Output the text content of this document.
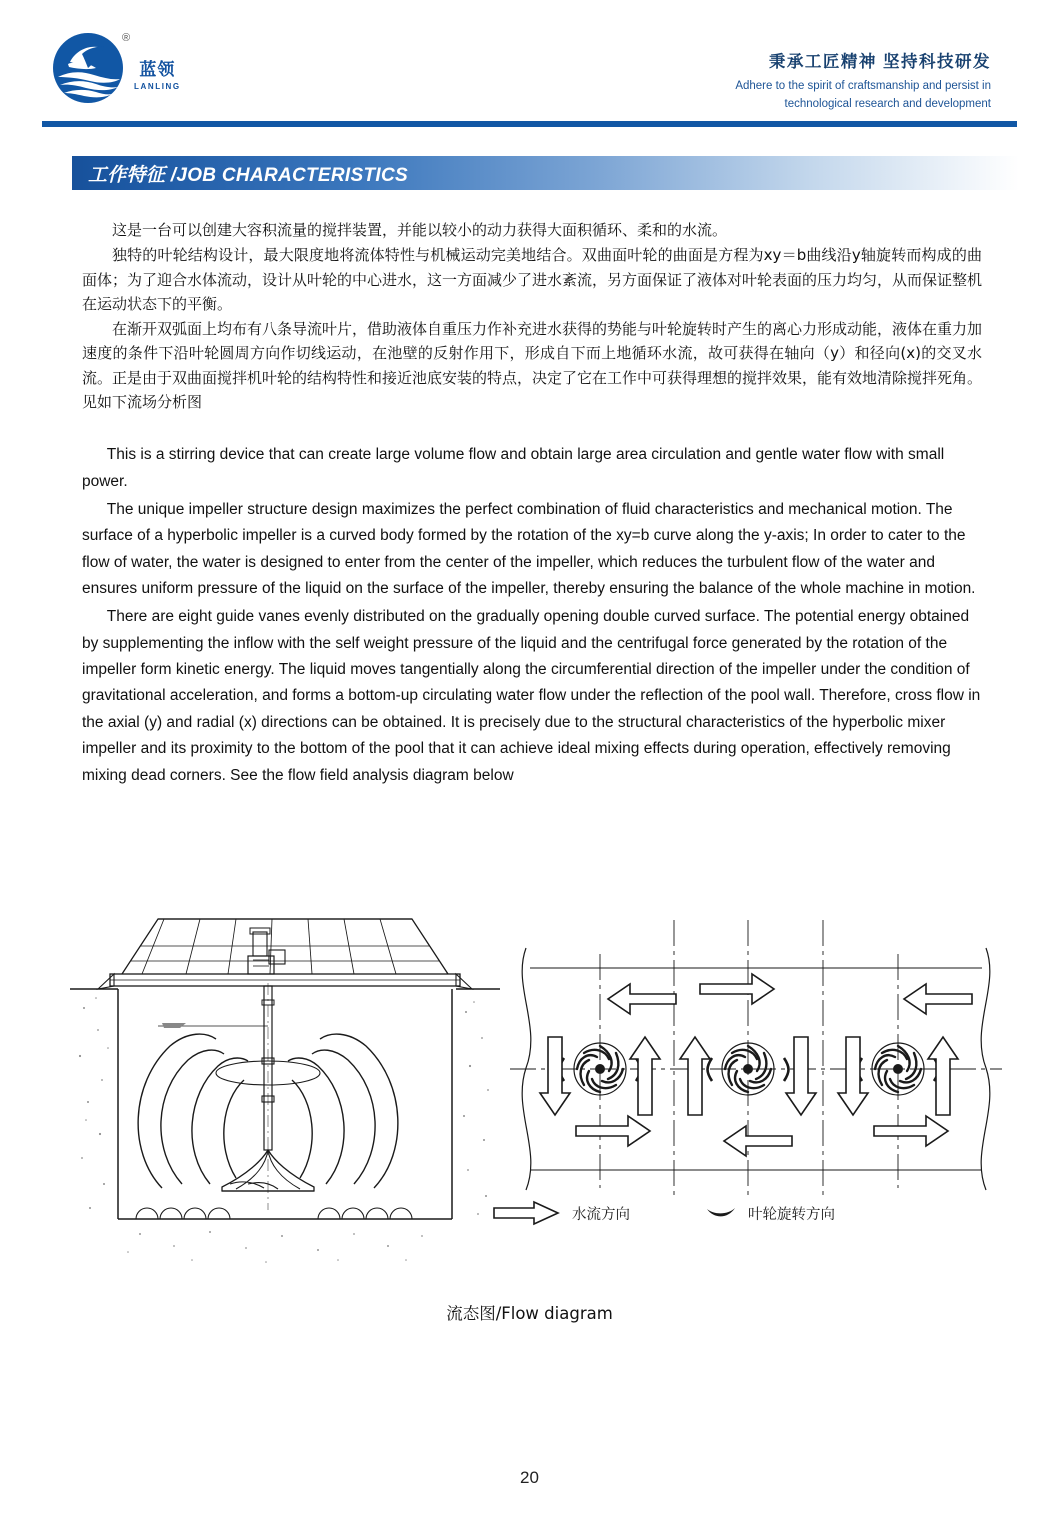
蓝领
LANLING
®
秉承工匠精神 坚持科技研发
Adhere to the spirit of craftsmanship and persist in
technological research and development
工作特征 /JOB CHARACTERISTICS

这是一台可以创建大容积流量的搅拌装置，并能以较小的动力获得大面积循环、柔和的水流。

独特的叶轮结构设计，最大限度地将流体特性与机械运动完美地结合。双曲面叶轮的曲面是方程为xy＝b曲线沿y轴旋转而构成的曲面体；为了迎合水体流动，设计从叶轮的中心进水，这一方面减少了进水紊流，另方面保证了液体对叶轮表面的压力均匀，从而保证整机在运动状态下的平衡。

在渐开双弧面上均布有八条导流叶片，借助液体自重压力作补充进水获得的势能与叶轮旋转时产生的离心力形成动能，液体在重力加速度的条件下沿叶轮圆周方向作切线运动，在池壁的反射作用下，形成自下而上地循环水流，故可获得在轴向（y）和径向(x)的交叉水流。正是由于双曲面搅拌机叶轮的结构特性和接近池底安装的特点，决定了它在工作中可获得理想的搅拌效果，能有效地清除搅拌死角。见如下流场分析图

This is a stirring device that can create large volume flow and obtain large area circulation and gentle water flow with small power.

The unique impeller structure design maximizes the perfect combination of fluid characteristics and mechanical motion. The surface of a hyperbolic impeller is a curved body formed by the rotation of the xy=b curve along the y-axis; In order to cater to the flow of water, the water is designed to enter from the center of the impeller, which reduces the turbulent flow of the water and ensures uniform pressure of the liquid on the surface of the impeller, thereby ensuring the balance of the whole machine in motion.

There are eight guide vanes evenly distributed on the gradually opening double curved surface. The potential energy obtained by supplementing the inflow with the self weight pressure of the liquid and the centrifugal force generated by the rotation of the impeller form kinetic energy. The liquid moves tangentially along the circumferential direction of the impeller under the condition of gravitational acceleration, and forms a bottom-up circulating water flow under the reflection of the pool wall. Therefore, cross flow in the axial (y) and radial (x) directions can be obtained. It is precisely due to the structural characteristics of the hyperbolic mixer impeller and its proximity to the bottom of the pool that it can achieve ideal mixing effects during operation, effectively removing mixing dead corners. See the flow field analysis diagram below

水流方向	叶轮旋转方向
流态图/Flow diagram
20
